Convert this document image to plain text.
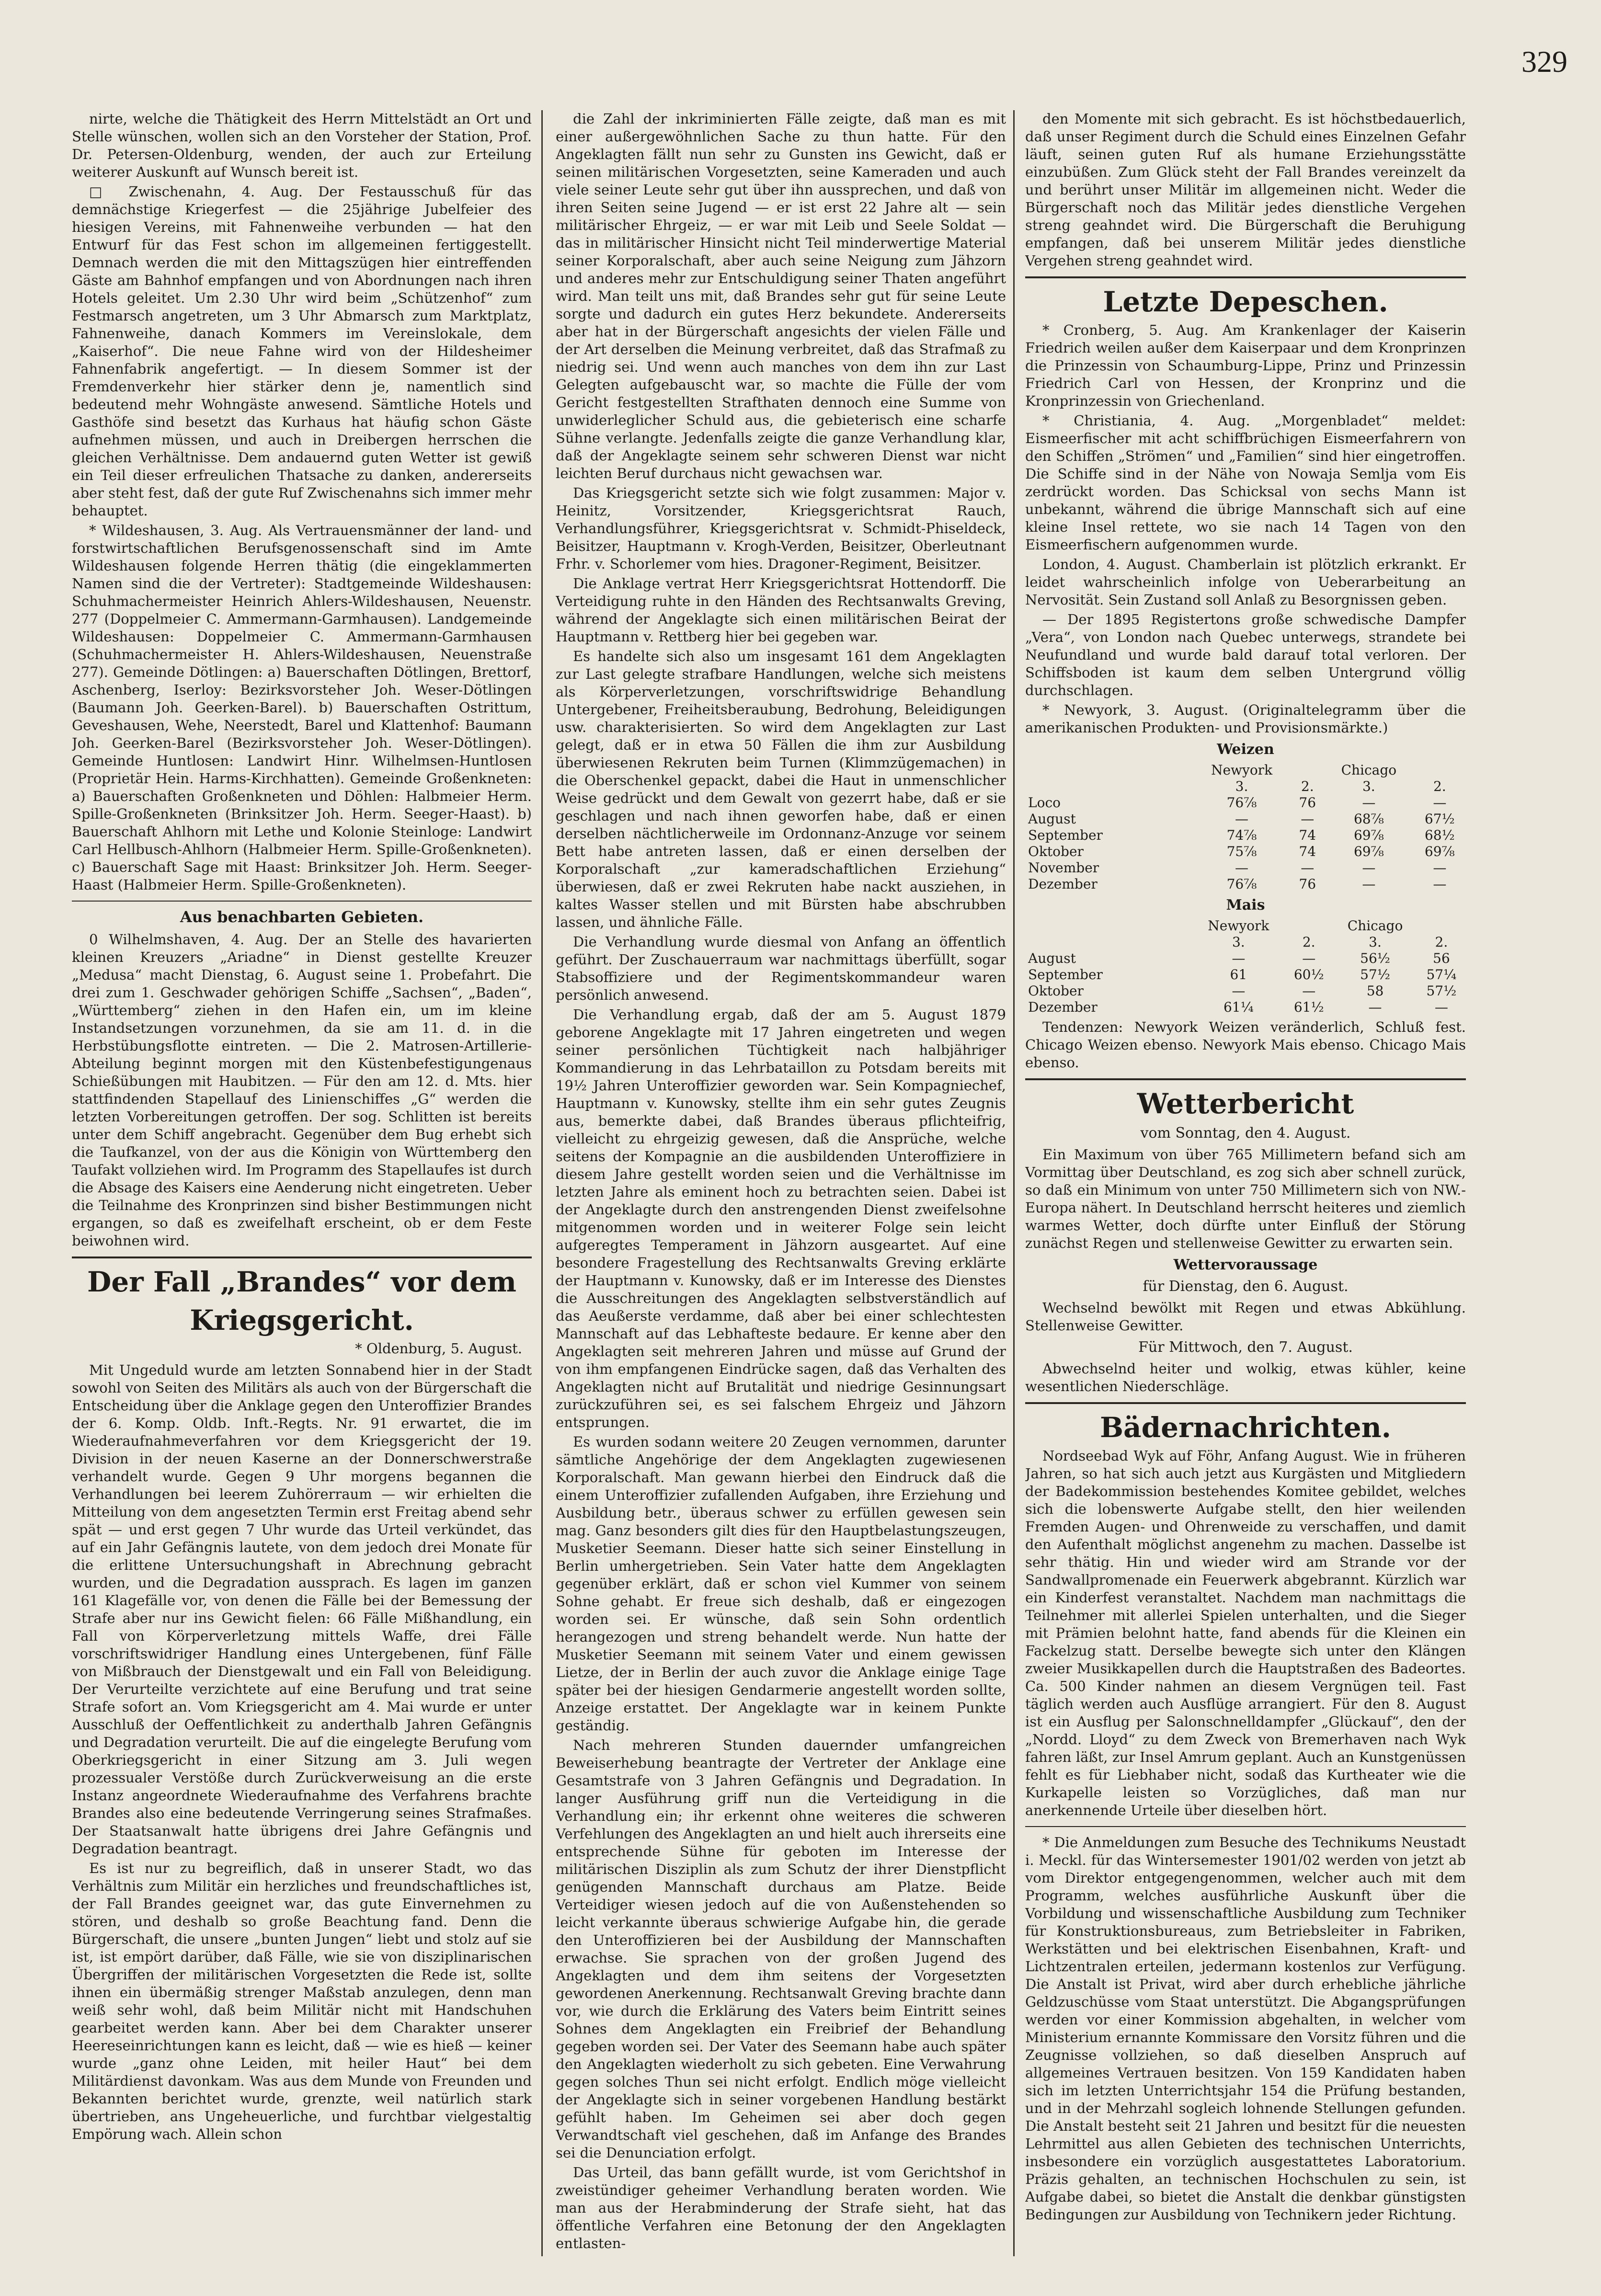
329

nirte, welche die Thätigkeit des Herrn Mittelstädt an Ort und Stelle wünschen, wollen sich an den Vorsteher der Station, Prof. Dr. Petersen-Oldenburg, wenden, der auch zur Erteilung weiterer Auskunft auf Wunsch bereit ist.

□ Zwischenahn, 4. Aug. Der Festausschuß für das demnächstige Kriegerfest — die 25jährige Jubelfeier des hiesigen Vereins, mit Fahnenweihe verbunden — hat den Entwurf für das Fest schon im allgemeinen fertiggestellt. Demnach werden die mit den Mittagszügen hier eintreffenden Gäste am Bahnhof empfangen und von Abordnungen nach ihren Hotels geleitet. Um 2.30 Uhr wird beim „Schützenhof“ zum Festmarsch angetreten, um 3 Uhr Abmarsch zum Marktplatz, Fahnenweihe, danach Kommers im Vereinslokale, dem „Kaiserhof“. Die neue Fahne wird von der Hildesheimer Fahnenfabrik angefertigt. — In diesem Sommer ist der Fremdenverkehr hier stärker denn je, namentlich sind bedeutend mehr Wohngäste anwesend. Sämtliche Hotels und Gasthöfe sind besetzt das Kurhaus hat häufig schon Gäste aufnehmen müssen, und auch in Dreibergen herrschen die gleichen Verhältnisse. Dem andauernd guten Wetter ist gewiß ein Teil dieser erfreulichen Thatsache zu danken, andererseits aber steht fest, daß der gute Ruf Zwischenahns sich immer mehr behauptet.

* Wildeshausen, 3. Aug. Als Vertrauensmänner der land- und forstwirtschaftlichen Berufsgenossenschaft sind im Amte Wildeshausen folgende Herren thätig (die eingeklammerten Namen sind die der Vertreter): Stadtgemeinde Wildeshausen: Schuhmachermeister Heinrich Ahlers-Wildeshausen, Neuenstr. 277 (Doppelmeier C. Ammermann-Garmhausen). Landgemeinde Wildeshausen: Doppelmeier C. Ammermann-Garmhausen (Schuhmachermeister H. Ahlers-Wildeshausen, Neuenstraße 277). Gemeinde Dötlingen: a) Bauerschaften Dötlingen, Brettorf, Aschenberg, Iserloy: Bezirksvorsteher Joh. Weser-Dötlingen (Baumann Joh. Geerken-Barel). b) Bauerschaften Ostrittum, Geveshausen, Wehe, Neerstedt, Barel und Klattenhof: Baumann Joh. Geerken-Barel (Bezirksvorsteher Joh. Weser-Dötlingen). Gemeinde Huntlosen: Landwirt Hinr. Wilhelmsen-Huntlosen (Proprietär Hein. Harms-Kirchhatten). Gemeinde Großenkneten: a) Bauerschaften Großenkneten und Döhlen: Halbmeier Herm. Spille-Großenkneten (Brinksitzer Joh. Herm. Seeger-Haast). b) Bauerschaft Ahlhorn mit Lethe und Kolonie Steinloge: Landwirt Carl Hellbusch-Ahlhorn (Halbmeier Herm. Spille-Großenkneten). c) Bauerschaft Sage mit Haast: Brinksitzer Joh. Herm. Seeger-Haast (Halbmeier Herm. Spille-Großenkneten).

Aus benachbarten Gebieten.

0 Wilhelmshaven, 4. Aug. Der an Stelle des havarierten kleinen Kreuzers „Ariadne“ in Dienst gestellte Kreuzer „Medusa“ macht Dienstag, 6. August seine 1. Probefahrt. Die drei zum 1. Geschwader gehörigen Schiffe „Sachsen“, „Baden“, „Württemberg“ ziehen in den Hafen ein, um im kleine Instandsetzungen vorzunehmen, da sie am 11. d. in die Herbstübungsflotte eintreten. — Die 2. Matrosen-Artillerie-Abteilung beginnt morgen mit den Küstenbefestigungenaus Schießübungen mit Haubitzen. — Für den am 12. d. Mts. hier stattfindenden Stapellauf des Linienschiffes „G“ werden die letzten Vorbereitungen getroffen. Der sog. Schlitten ist bereits unter dem Schiff angebracht. Gegenüber dem Bug erhebt sich die Taufkanzel, von der aus die Königin von Württemberg den Taufakt vollziehen wird. Im Programm des Stapellaufes ist durch die Absage des Kaisers eine Aenderung nicht eingetreten. Ueber die Teilnahme des Kronprinzen sind bisher Bestimmungen nicht ergangen, so daß es zweifelhaft erscheint, ob er dem Feste beiwohnen wird.

Der Fall „Brandes“ vor dem
Kriegsgericht.
* Oldenburg, 5. August.

Mit Ungeduld wurde am letzten Sonnabend hier in der Stadt sowohl von Seiten des Militärs als auch von der Bürgerschaft die Entscheidung über die Anklage gegen den Unteroffizier Brandes der 6. Komp. Oldb. Inft.-Regts. Nr. 91 erwartet, die im Wiederaufnahmeverfahren vor dem Kriegsgericht der 19. Division in der neuen Kaserne an der Donnerschwerstraße verhandelt wurde. Gegen 9 Uhr morgens begannen die Verhandlungen bei leerem Zuhörerraum — wir erhielten die Mitteilung von dem angesetzten Termin erst Freitag abend sehr spät — und erst gegen 7 Uhr wurde das Urteil verkündet, das auf ein Jahr Gefängnis lautete, von dem jedoch drei Monate für die erlittene Untersuchungshaft in Abrechnung gebracht wurden, und die Degradation aussprach. Es lagen im ganzen 161 Klagefälle vor, von denen die Fälle bei der Bemessung der Strafe aber nur ins Gewicht fielen: 66 Fälle Mißhandlung, ein Fall von Körperverletzung mittels Waffe, drei Fälle vorschriftswidriger Handlung eines Untergebenen, fünf Fälle von Mißbrauch der Dienstgewalt und ein Fall von Beleidigung. Der Verurteilte verzichtete auf eine Berufung und trat seine Strafe sofort an. Vom Kriegsgericht am 4. Mai wurde er unter Ausschluß der Oeffentlichkeit zu anderthalb Jahren Gefängnis und Degradation verurteilt. Die auf die eingelegte Berufung vom Oberkriegsgericht in einer Sitzung am 3. Juli wegen prozessualer Verstöße durch Zurückverweisung an die erste Instanz angeordnete Wiederaufnahme des Verfahrens brachte Brandes also eine bedeutende Verringerung seines Strafmaßes. Der Staatsanwalt hatte übrigens drei Jahre Gefängnis und Degradation beantragt.

Es ist nur zu begreiflich, daß in unserer Stadt, wo das Verhältnis zum Militär ein herzliches und freundschaftliches ist, der Fall Brandes geeignet war, das gute Einvernehmen zu stören, und deshalb so große Beachtung fand. Denn die Bürgerschaft, die unsere „bunten Jungen“ liebt und stolz auf sie ist, ist empört darüber, daß Fälle, wie sie von disziplinarischen Übergriffen der militärischen Vorgesetzten die Rede ist, sollte ihnen ein übermäßig strenger Maßstab anzulegen, denn man weiß sehr wohl, daß beim Militär nicht mit Handschuhen gearbeitet werden kann. Aber bei dem Charakter unserer Heereseinrichtungen kann es leicht, daß — wie es hieß — keiner wurde „ganz ohne Leiden, mit heiler Haut“ bei dem Militärdienst davonkam. Was aus dem Munde von Freunden und Bekannten berichtet wurde, grenzte, weil natürlich stark übertrieben, ans Ungeheuerliche, und furchtbar vielgestaltig Empörung wach. Allein schon

die Zahl der inkriminierten Fälle zeigte, daß man es mit einer außergewöhnlichen Sache zu thun hatte. Für den Angeklagten fällt nun sehr zu Gunsten ins Gewicht, daß er seinen militärischen Vorgesetzten, seine Kameraden und auch viele seiner Leute sehr gut über ihn aussprechen, und daß von ihren Seiten seine Jugend — er ist erst 22 Jahre alt — sein militärischer Ehrgeiz, — er war mit Leib und Seele Soldat — das in militärischer Hinsicht nicht Teil minderwertige Material seiner Korporalschaft, aber auch seine Neigung zum Jähzorn und anderes mehr zur Entschuldigung seiner Thaten angeführt wird. Man teilt uns mit, daß Brandes sehr gut für seine Leute sorgte und dadurch ein gutes Herz bekundete. Andererseits aber hat in der Bürgerschaft angesichts der vielen Fälle und der Art derselben die Meinung verbreitet, daß das Strafmaß zu niedrig sei. Und wenn auch manches von dem ihn zur Last Gelegten aufgebauscht war, so machte die Fülle der vom Gericht festgestellten Strafthaten dennoch eine Summe von unwiderleglicher Schuld aus, die gebieterisch eine scharfe Sühne verlangte. Jedenfalls zeigte die ganze Verhandlung klar, daß der Angeklagte seinem sehr schweren Dienst war nicht leichten Beruf durchaus nicht gewachsen war.

Das Kriegsgericht setzte sich wie folgt zusammen: Major v. Heinitz, Vorsitzender, Kriegsgerichtsrat Rauch, Verhandlungsführer, Kriegsgerichtsrat v. Schmidt-Phiseldeck, Beisitzer, Hauptmann v. Krogh-Verden, Beisitzer, Oberleutnant Frhr. v. Schorlemer vom hies. Dragoner-Regiment, Beisitzer.

Die Anklage vertrat Herr Kriegsgerichtsrat Hottendorff. Die Verteidigung ruhte in den Händen des Rechtsanwalts Greving, während der Angeklagte sich einen militärischen Beirat der Hauptmann v. Rettberg hier bei gegeben war.

Es handelte sich also um insgesamt 161 dem Angeklagten zur Last gelegte strafbare Handlungen, welche sich meistens als Körperverletzungen, vorschriftswidrige Behandlung Untergebener, Freiheitsberaubung, Bedrohung, Beleidigungen usw. charakterisierten. So wird dem Angeklagten zur Last gelegt, daß er in etwa 50 Fällen die ihm zur Ausbildung überwiesenen Rekruten beim Turnen (Klimmzügemachen) in die Oberschenkel gepackt, dabei die Haut in unmenschlicher Weise gedrückt und dem Gewalt von gezerrt habe, daß er sie geschlagen und nach ihnen geworfen habe, daß er einen derselben nächtlicherweile im Ordonnanz-Anzuge vor seinem Bett habe antreten lassen, daß er einen derselben der Korporalschaft „zur kameradschaftlichen Erziehung“ überwiesen, daß er zwei Rekruten habe nackt ausziehen, in kaltes Wasser stellen und mit Bürsten habe abschrubben lassen, und ähnliche Fälle.

Die Verhandlung wurde diesmal von Anfang an öffentlich geführt. Der Zuschauerraum war nachmittags überfüllt, sogar Stabsoffiziere und der Regimentskommandeur waren persönlich anwesend.

Die Verhandlung ergab, daß der am 5. August 1879 geborene Angeklagte mit 17 Jahren eingetreten und wegen seiner persönlichen Tüchtigkeit nach halbjähriger Kommandierung in das Lehrbataillon zu Potsdam bereits mit 19½ Jahren Unteroffizier geworden war. Sein Kompagniechef, Hauptmann v. Kunowsky, stellte ihm ein sehr gutes Zeugnis aus, bemerkte dabei, daß Brandes überaus pflichteifrig, vielleicht zu ehrgeizig gewesen, daß die Ansprüche, welche seitens der Kompagnie an die ausbildenden Unteroffiziere in diesem Jahre gestellt worden seien und die Verhältnisse im letzten Jahre als eminent hoch zu betrachten seien. Dabei ist der Angeklagte durch den anstrengenden Dienst zweifelsohne mitgenommen worden und in weiterer Folge sein leicht aufgeregtes Temperament in Jähzorn ausgeartet. Auf eine besondere Fragestellung des Rechtsanwalts Greving erklärte der Hauptmann v. Kunowsky, daß er im Interesse des Dienstes die Ausschreitungen des Angeklagten selbstverständlich auf das Aeußerste verdamme, daß aber bei einer schlechtesten Mannschaft auf das Lebhafteste bedaure. Er kenne aber den Angeklagten seit mehreren Jahren und müsse auf Grund der von ihm empfangenen Eindrücke sagen, daß das Verhalten des Angeklagten nicht auf Brutalität und niedrige Gesinnungsart zurückzuführen sei, es sei falschem Ehrgeiz und Jähzorn entsprungen.

Es wurden sodann weitere 20 Zeugen vernommen, darunter sämtliche Angehörige der dem Angeklagten zugewiesenen Korporalschaft. Man gewann hierbei den Eindruck daß die einem Unteroffizier zufallenden Aufgaben, ihre Erziehung und Ausbildung betr., überaus schwer zu erfüllen gewesen sein mag. Ganz besonders gilt dies für den Hauptbelastungszeugen, Musketier Seemann. Dieser hatte sich seiner Einstellung in Berlin umhergetrieben. Sein Vater hatte dem Angeklagten gegenüber erklärt, daß er schon viel Kummer von seinem Sohne gehabt. Er freue sich deshalb, daß er eingezogen worden sei. Er wünsche, daß sein Sohn ordentlich herangezogen und streng behandelt werde. Nun hatte der Musketier Seemann mit seinem Vater und einem gewissen Lietze, der in Berlin der auch zuvor die Anklage einige Tage später bei der hiesigen Gendarmerie angestellt worden sollte, Anzeige erstattet. Der Angeklagte war in keinem Punkte geständig.

Nach mehreren Stunden dauernder umfangreichen Beweiserhebung beantragte der Vertreter der Anklage eine Gesamtstrafe von 3 Jahren Gefängnis und Degradation. In langer Ausführung griff nun die Verteidigung in die Verhandlung ein; ihr erkennt ohne weiteres die schweren Verfehlungen des Angeklagten an und hielt auch ihrerseits eine entsprechende Sühne für geboten im Interesse der militärischen Disziplin als zum Schutz der ihrer Dienstpflicht genügenden Mannschaft durchaus am Platze. Beide Verteidiger wiesen jedoch auf die von Außenstehenden so leicht verkannte überaus schwierige Aufgabe hin, die gerade den Unteroffizieren bei der Ausbildung der Mannschaften erwachse. Sie sprachen von der großen Jugend des Angeklagten und dem ihm seitens der Vorgesetzten gewordenen Anerkennung. Rechtsanwalt Greving brachte dann vor, wie durch die Erklärung des Vaters beim Eintritt seines Sohnes dem Angeklagten ein Freibrief der Behandlung gegeben worden sei. Der Vater des Seemann habe auch später den Angeklagten wiederholt zu sich gebeten. Eine Verwahrung gegen solches Thun sei nicht erfolgt. Endlich möge vielleicht der Angeklagte sich in seiner vorgebenen Handlung bestärkt gefühlt haben. Im Geheimen sei aber doch gegen Verwandtschaft viel geschehen, daß im Anfange des Brandes sei die Denunciation erfolgt.

Das Urteil, das bann gefällt wurde, ist vom Gerichtshof in zweistündiger geheimer Verhandlung beraten worden. Wie man aus der Herabminderung der Strafe sieht, hat das öffentliche Verfahren eine Betonung der den Angeklagten entlasten-

den Momente mit sich gebracht. Es ist höchstbedauerlich, daß unser Regiment durch die Schuld eines Einzelnen Gefahr läuft, seinen guten Ruf als humane Erziehungsstätte einzubüßen. Zum Glück steht der Fall Brandes vereinzelt da und berührt unser Militär im allgemeinen nicht. Weder die Bürgerschaft noch das Militär jedes dienstliche Vergehen streng geahndet wird. Die Bürgerschaft die Beruhigung empfangen, daß bei unserem Militär jedes dienstliche Vergehen streng geahndet wird.

Letzte Depeschen.

* Cronberg, 5. Aug. Am Krankenlager der Kaiserin Friedrich weilen außer dem Kaiserpaar und dem Kronprinzen die Prinzessin von Schaumburg-Lippe, Prinz und Prinzessin Friedrich Carl von Hessen, der Kronprinz und die Kronprinzessin von Griechenland.

* Christiania, 4. Aug. „Morgenbladet“ meldet: Eismeerfischer mit acht schiffbrüchigen Eismeerfahrern von den Schiffen „Strömen“ und „Familien“ sind hier eingetroffen. Die Schiffe sind in der Nähe von Nowaja Semlja vom Eis zerdrückt worden. Das Schicksal von sechs Mann ist unbekannt, während die übrige Mannschaft sich auf eine kleine Insel rettete, wo sie nach 14 Tagen von den Eismeerfischern aufgenommen wurde.

London, 4. August. Chamberlain ist plötzlich erkrankt. Er leidet wahrscheinlich infolge von Ueberarbeitung an Nervosität. Sein Zustand soll Anlaß zu Besorgnissen geben.

— Der 1895 Registertons große schwedische Dampfer „Vera“, von London nach Quebec unterwegs, strandete bei Neufundland und wurde bald darauf total verloren. Der Schiffsboden ist kaum dem selben Untergrund völlig durchschlagen.

* Newyork, 3. August. (Originaltelegramm über die amerikanischen Produkten- und Provisionsmärkte.)

Weizen
	Newyork		Chicago	
	3.	2.	3.	2.
Loco	76⅞	76	—	—
August	—	—	68⅞	67½
September	74⅞	74	69⅞	68½
Oktober	75⅞	74	69⅞	69⅞
November	—	—	—	—
Dezember	76⅞	76	—	—
Mais
	Newyork		Chicago	
	3.	2.	3.	2.
August	—	—	56½	56
September	61	60½	57½	57¼
Oktober	—	—	58	57½
Dezember	61¼	61½	—	—

Tendenzen: Newyork Weizen veränderlich, Schluß fest. Chicago Weizen ebenso. Newyork Mais ebenso. Chicago Mais ebenso.

Wetterbericht
vom Sonntag, den 4. August.

Ein Maximum von über 765 Millimetern befand sich am Vormittag über Deutschland, es zog sich aber schnell zurück, so daß ein Minimum von unter 750 Millimetern sich von NW.-Europa nähert. In Deutschland herrscht heiteres und ziemlich warmes Wetter, doch dürfte unter Einfluß der Störung zunächst Regen und stellenweise Gewitter zu erwarten sein.

Wettervoraussage
für Dienstag, den 6. August.

Wechselnd bewölkt mit Regen und etwas Abkühlung. Stellenweise Gewitter.

Für Mittwoch, den 7. August.

Abwechselnd heiter und wolkig, etwas kühler, keine wesentlichen Niederschläge.

Bädernachrichten.

Nordseebad Wyk auf Föhr, Anfang August. Wie in früheren Jahren, so hat sich auch jetzt aus Kurgästen und Mitgliedern der Badekommission bestehendes Komitee gebildet, welches sich die lobenswerte Aufgabe stellt, den hier weilenden Fremden Augen- und Ohrenweide zu verschaffen, und damit den Aufenthalt möglichst angenehm zu machen. Dasselbe ist sehr thätig. Hin und wieder wird am Strande vor der Sandwallpromenade ein Feuerwerk abgebrannt. Kürzlich war ein Kinderfest veranstaltet. Nachdem man nachmittags die Teilnehmer mit allerlei Spielen unterhalten, und die Sieger mit Prämien belohnt hatte, fand abends für die Kleinen ein Fackelzug statt. Derselbe bewegte sich unter den Klängen zweier Musikkapellen durch die Hauptstraßen des Badeortes. Ca. 500 Kinder nahmen an diesem Vergnügen teil. Fast täglich werden auch Ausflüge arrangiert. Für den 8. August ist ein Ausflug per Salonschnelldampfer „Glückauf“, den der „Nordd. Lloyd“ zu dem Zweck von Bremerhaven nach Wyk fahren läßt, zur Insel Amrum geplant. Auch an Kunstgenüssen fehlt es für Liebhaber nicht, sodaß das Kurtheater wie die Kurkapelle leisten so Vorzügliches, daß man nur anerkennende Urteile über dieselben hört.

* Die Anmeldungen zum Besuche des Technikums Neustadt i. Meckl. für das Wintersemester 1901/02 werden von jetzt ab vom Direktor entgegengenommen, welcher auch mit dem Programm, welches ausführliche Auskunft über die Vorbildung und wissenschaftliche Ausbildung zum Techniker für Konstruktionsbureaus, zum Betriebsleiter in Fabriken, Werkstätten und bei elektrischen Eisenbahnen, Kraft- und Lichtzentralen erteilen, jedermann kostenlos zur Verfügung. Die Anstalt ist Privat, wird aber durch erhebliche jährliche Geldzuschüsse vom Staat unterstützt. Die Abgangsprüfungen werden vor einer Kommission abgehalten, in welcher vom Ministerium ernannte Kommissare den Vorsitz führen und die Zeugnisse vollziehen, so daß dieselben Anspruch auf allgemeines Vertrauen besitzen. Von 159 Kandidaten haben sich im letzten Unterrichtsjahr 154 die Prüfung bestanden, und in der Mehrzahl sogleich lohnende Stellungen gefunden. Die Anstalt besteht seit 21 Jahren und besitzt für die neuesten Lehrmittel aus allen Gebieten des technischen Unterrichts, insbesondere ein vorzüglich ausgestattetes Laboratorium. Präzis gehalten, an technischen Hochschulen zu sein, ist Aufgabe dabei, so bietet die Anstalt die denkbar günstigsten Bedingungen zur Ausbildung von Technikern jeder Richtung.
